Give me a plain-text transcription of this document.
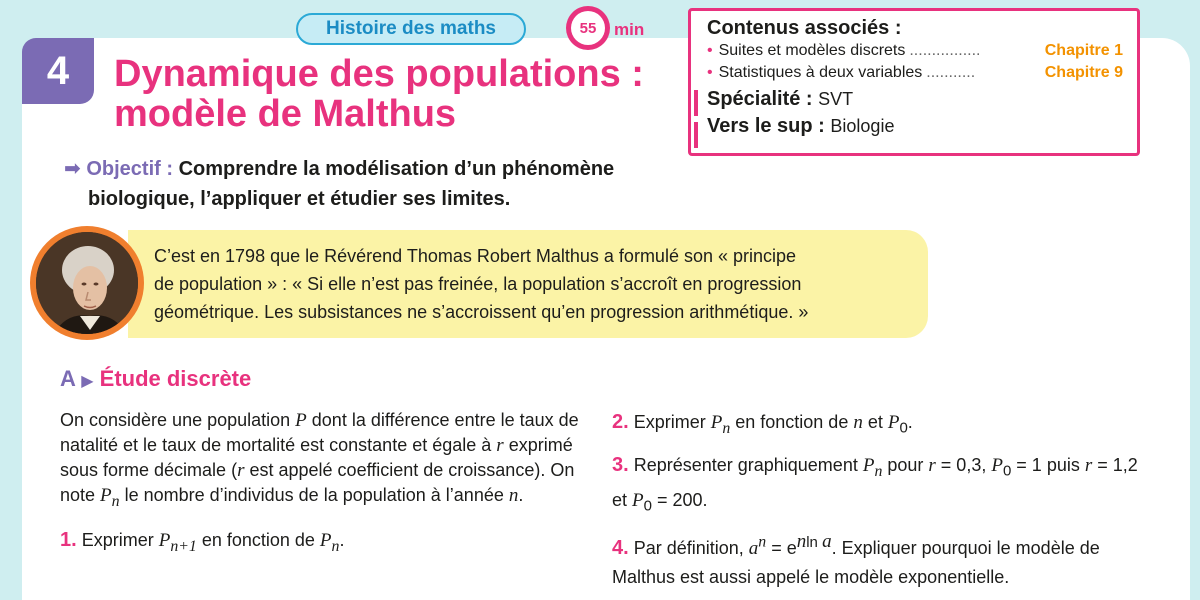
Histoire des maths	55	min	Contenus associés :
• Suites et modèles discrets ................	Chapitre 1
• Statistiques à deux variables ...........	Chapitre 9
Spécialité : SVT
Vers le sup : Biologie
4	Dynamique des populations :
modèle de Malthus
➡ Objectif : Comprendre la modélisation d’un phénomène
biologique, l’appliquer et étudier ses limites.
C’est en 1798 que le Révérend Thomas Robert Malthus a formulé son « principe
de population » : « Si elle n’est pas freinée, la population s’accroît en progression
géométrique. Les subsistances ne s’accroissent qu’en progression arithmétique. »
A ▶ Étude discrète

On considère une population P dont la différence entre le taux de natalité et le taux de mortalité est constante et égale à r exprimé sous forme décimale (r est appelé coefficient de croissance). On note $P_n$ le nombre d’individus de la population à l’année n.

1. Exprimer $P_{n+1}$ en fonction de $P_n$.

2. Exprimer $P_n$ en fonction de n et $P_0$.

3. Représenter graphiquement $P_n$ pour r = 0,3, $P_0 = 1$ puis r = 1,2 et $P_0 = 200$.

4. Par définition, $a^n = e^{nln a}$. Expliquer pourquoi le modèle de Malthus est aussi appelé le modèle exponentielle.
